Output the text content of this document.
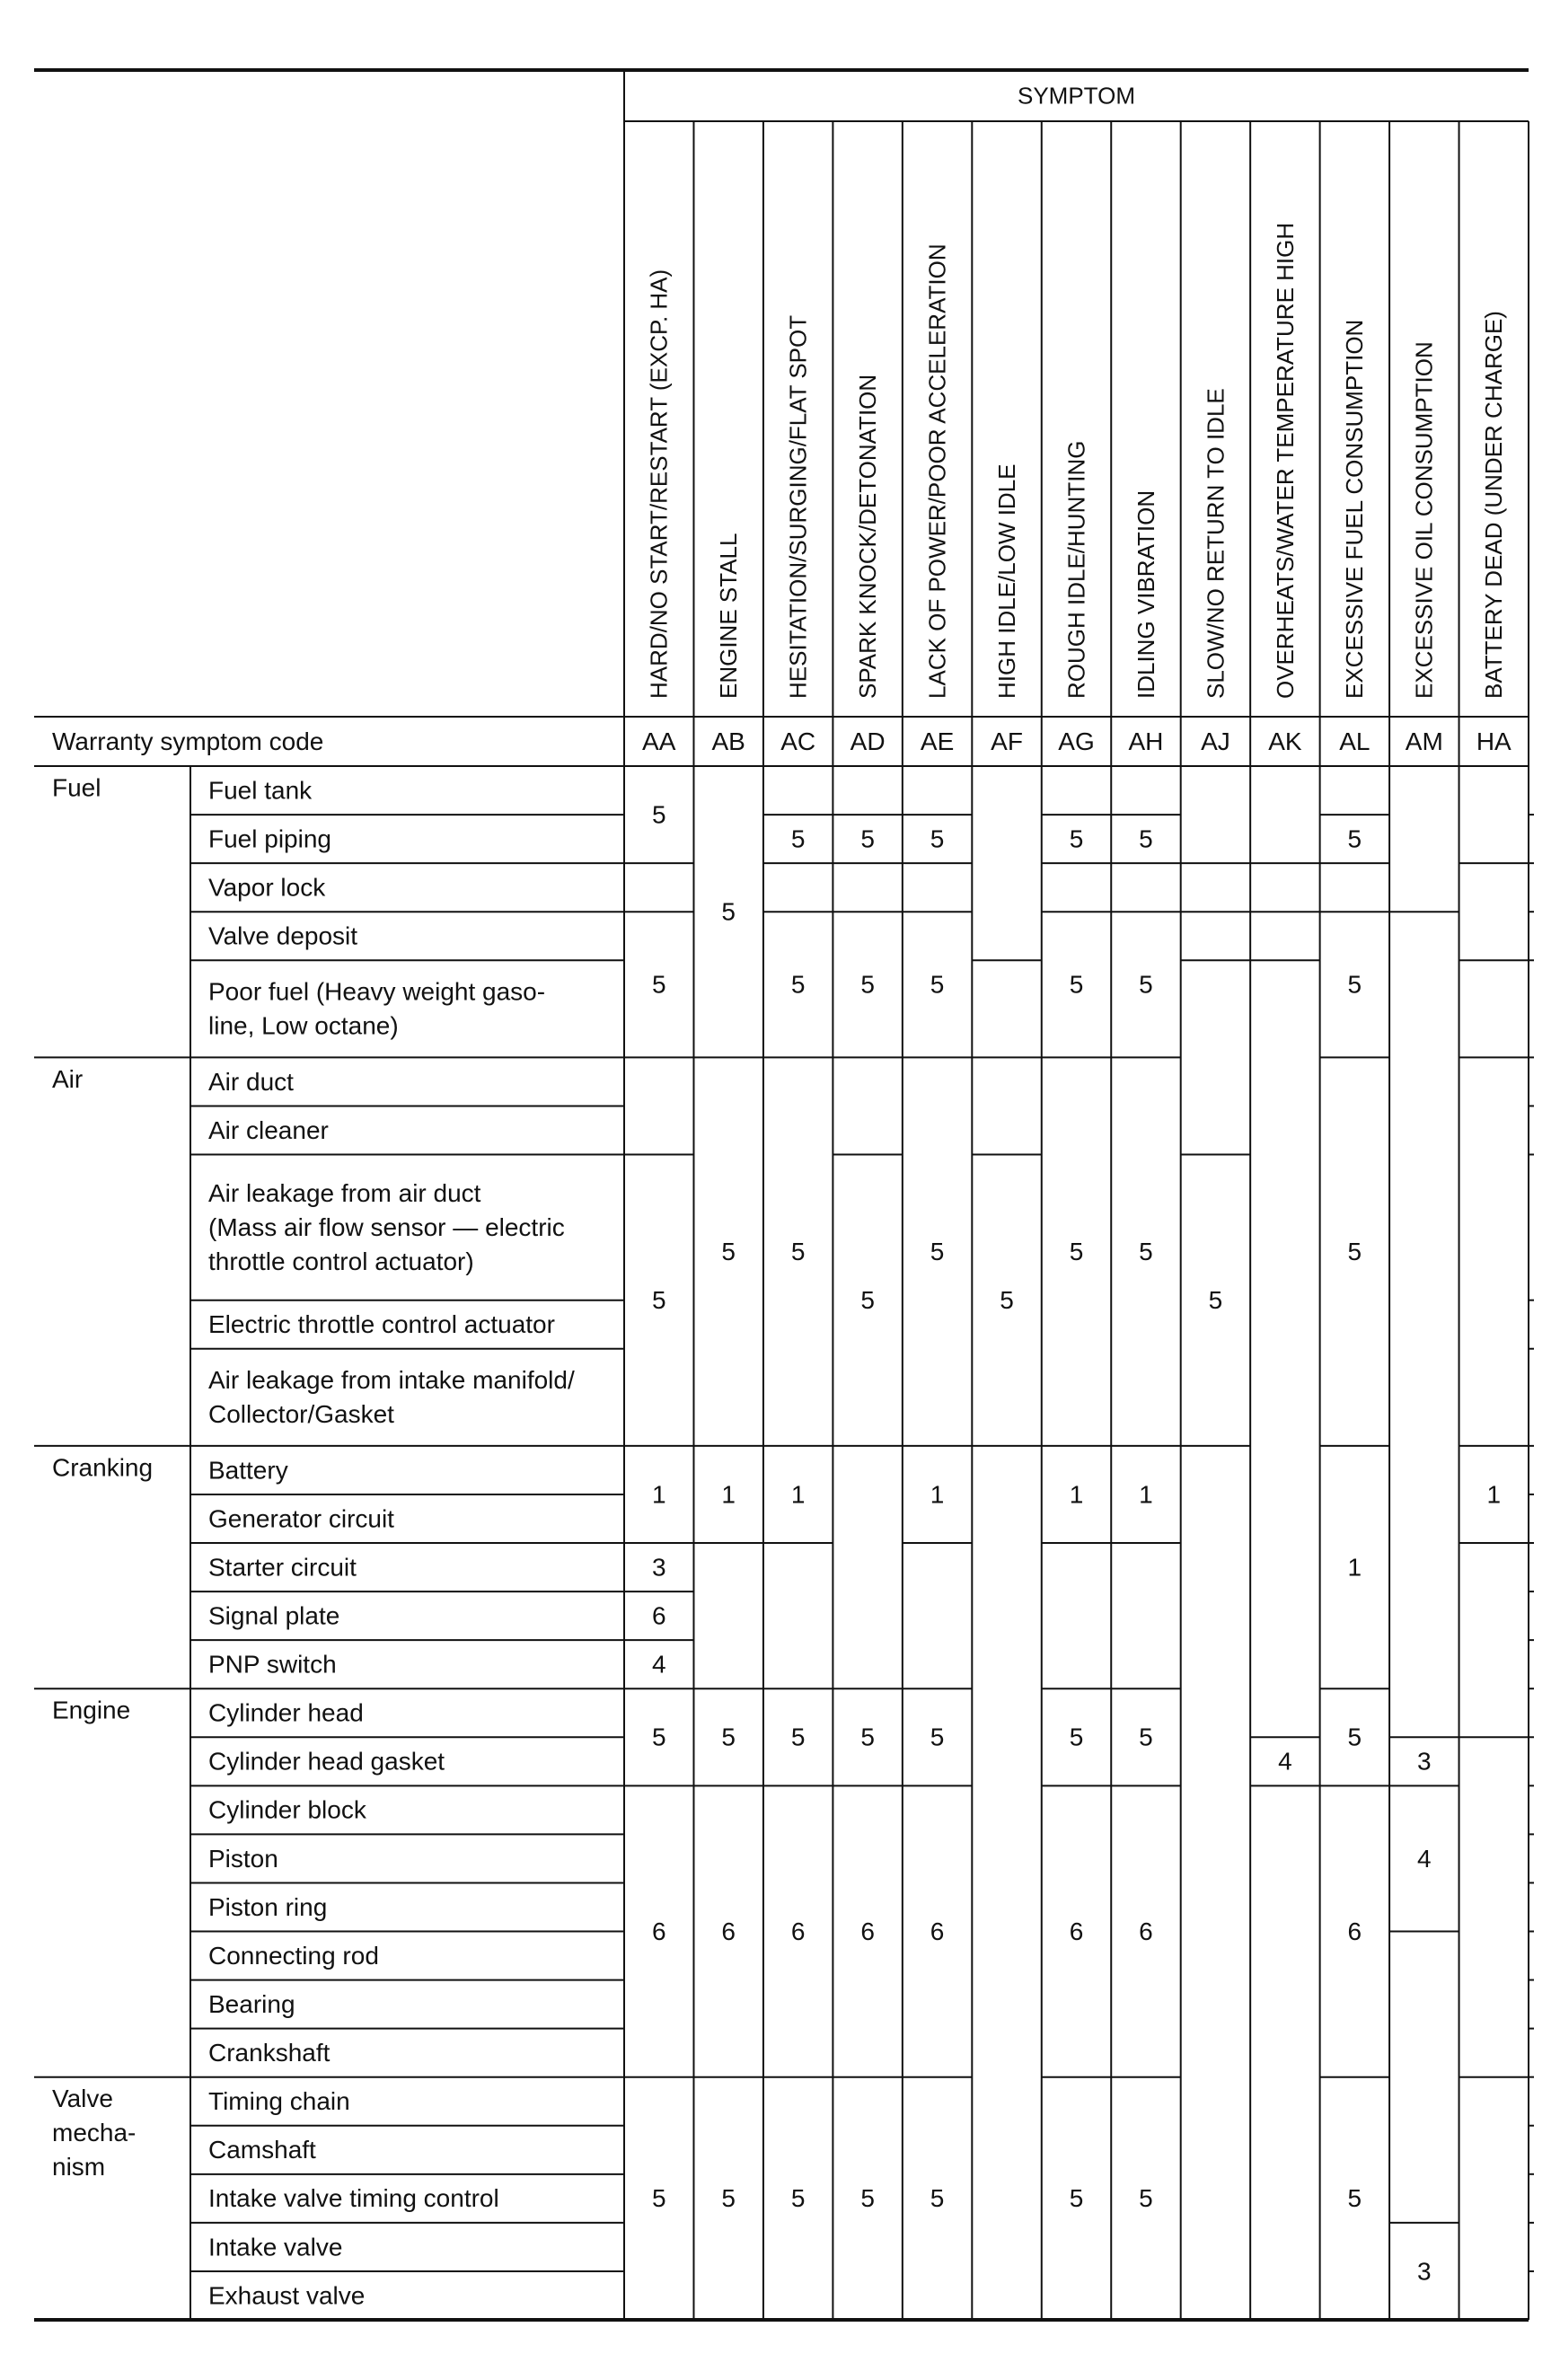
SYMPTOM
HARD/NO START/RESTART (EXCP. HA)
AA
ENGINE STALL
AB
HESITATION/SURGING/FLAT SPOT
AC
SPARK KNOCK/DETONATION
AD
LACK OF POWER/POOR ACCELERATION
AE
HIGH IDLE/LOW IDLE
AF
ROUGH IDLE/HUNTING
AG
IDLING VIBRATION
AH
SLOW/NO RETURN TO IDLE
AJ
OVERHEATS/WATER TEMPERATURE HIGH
AK
EXCESSIVE FUEL CONSUMPTION
AL
EXCESSIVE OIL CONSUMPTION
AM
BATTERY DEAD (UNDER CHARGE)
HA
Warranty symptom code
Fuel
Air
Cranking
Engine
Valve
mecha-
nism
Fuel tank
Fuel piping
Vapor lock
Valve deposit
Poor fuel (Heavy weight gaso-
line, Low octane)
Air duct
Air cleaner
Air leakage from air duct
(Mass air flow sensor — electric
throttle control actuator)
Electric throttle control actuator
Air leakage from intake manifold/
Collector/Gasket
Battery
Generator circuit
Starter circuit
Signal plate
PNP switch
Cylinder head
Cylinder head gasket
Cylinder block
Piston
Piston ring
Connecting rod
Bearing
Crankshaft
Timing chain
Camshaft
Intake valve timing control
Intake valve
Exhaust valve
5
5
5
1
3
6
4
5
6
5
5
5
1
5
6
5
5
5
5
1
5
6
5
5
5
5
5
6
5
5
5
5
1
5
6
5
5
5
5
5
1
5
6
5
5
5
5
1
5
6
5
5
4
5
5
5
1
5
6
5
3
4
3
1
